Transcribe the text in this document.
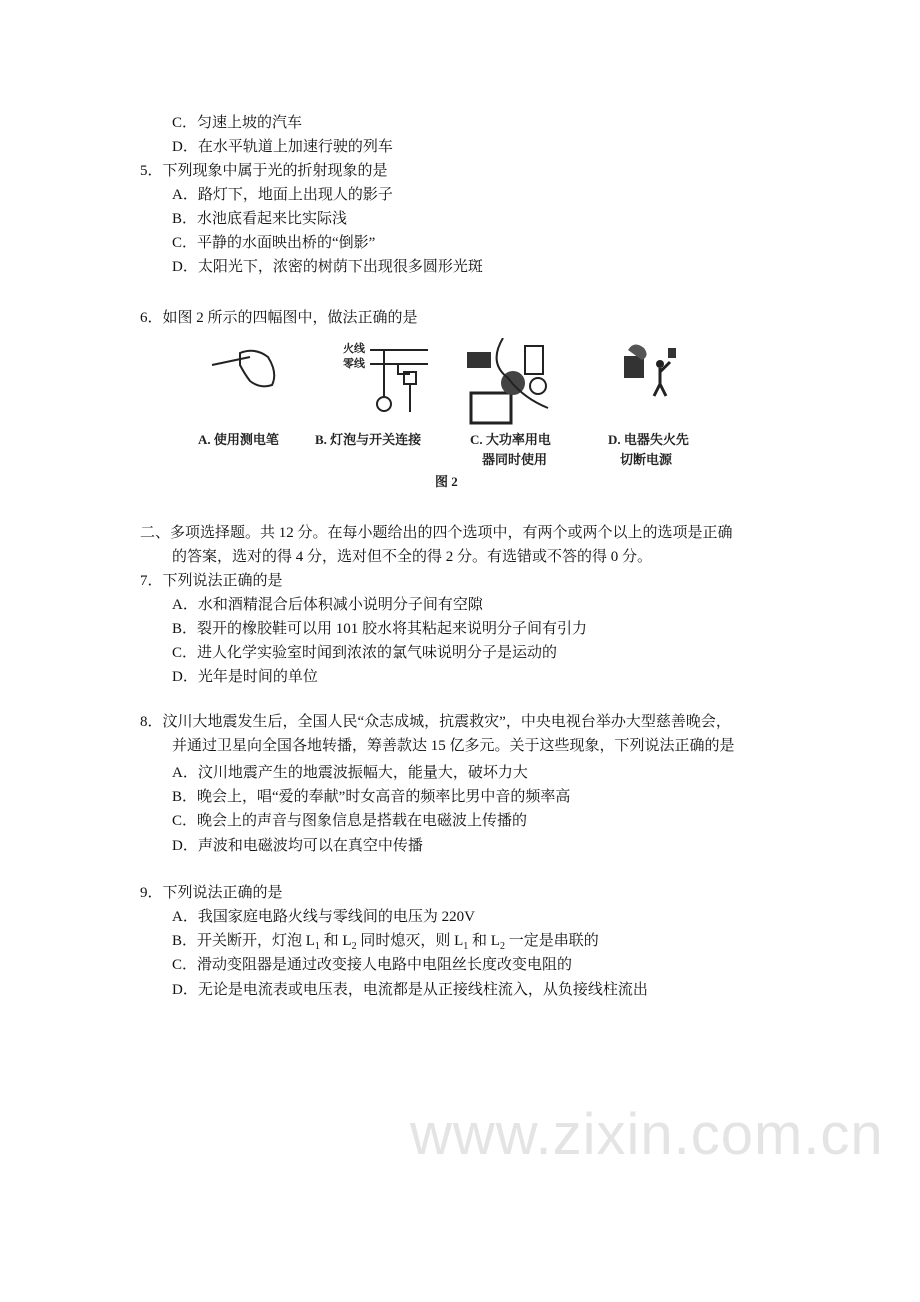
www.zixin.com.cn
C．匀速上坡的汽车
D．在水平轨道上加速行驶的列车
5．下列现象中属于光的折射现象的是
A．路灯下，地面上出现人的影子
B．水池底看起来比实际浅
C．平静的水面映出桥的“倒影”
D．太阳光下，浓密的树荫下出现很多圆形光斑
6．如图 2 所示的四幅图中，做法正确的是
火线
零线
A. 使用测电笔	B. 灯泡与开关连接	C. 大功率用电
器同时使用
D. 电器失火先
切断电源
图 2
二、多项选择题。共 12 分。在每小题给出的四个选项中，有两个或两个以上的选项是正确
的答案，选对的得 4 分，选对但不全的得 2 分。有选错或不答的得 0 分。
7．下列说法正确的是
A．水和酒精混合后体积减小说明分子间有空隙
B．裂开的橡胶鞋可以用 101 胶水将其粘起来说明分子间有引力
C．进人化学实验室时闻到浓浓的氯气味说明分子是运动的
D．光年是时间的单位
8．汶川大地震发生后，全国人民“众志成城，抗震救灾”，中央电视台举办大型慈善晚会，
并通过卫星向全国各地转播，筹善款达 15 亿多元。关于这些现象，下列说法正确的是
A．汶川地震产生的地震波振幅大，能量大，破坏力大
B．晚会上，唱“爱的奉献”时女高音的频率比男中音的频率高
C．晚会上的声音与图象信息是搭载在电磁波上传播的
D．声波和电磁波均可以在真空中传播
9．下列说法正确的是
A．我国家庭电路火线与零线间的电压为 220V
B．开关断开，灯泡 $L_1$ 和 $L_2$ 同时熄灭，则 $L_1$ 和 $L_2$ 一定是串联的
C．滑动变阻器是通过改变接人电路中电阻丝长度改变电阻的
D．无论是电流表或电压表，电流都是从正接线柱流入，从负接线柱流出
